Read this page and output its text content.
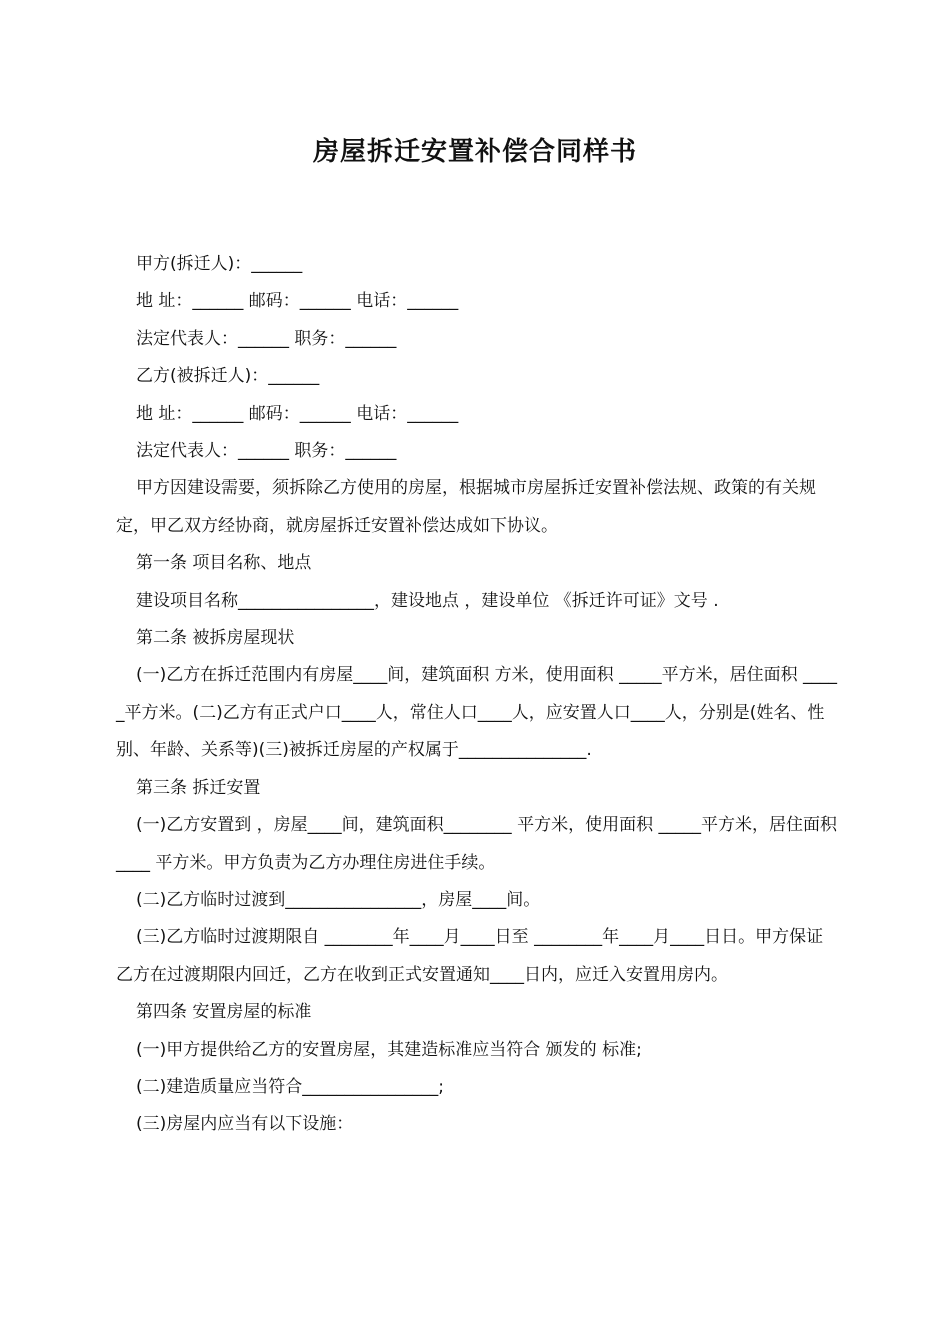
房屋拆迁安置补偿合同样书

甲方(拆迁人)：______

地 址：______ 邮码：______ 电话：______

法定代表人：______ 职务：______

乙方(被拆迁人)：______

地 址：______ 邮码：______ 电话：______

法定代表人：______ 职务：______

甲方因建设需要，须拆除乙方使用的房屋，根据城市房屋拆迁安置补偿法规、政策的有关规定，甲乙双方经协商，就房屋拆迁安置补偿达成如下协议。

第一条 项目名称、地点

建设项目名称________________，建设地点 ，建设单位 《拆迁许可证》文号 .

第二条 被拆房屋现状

(一)乙方在拆迁范围内有房屋____间，建筑面积 方米，使用面积 _____平方米，居住面积 _____平方米。(二)乙方有正式户口____人，常住人口____人，应安置人口____人，分别是(姓名、性别、年龄、关系等)(三)被拆迁房屋的产权属于_______________.

第三条 拆迁安置

(一)乙方安置到 ，房屋____间，建筑面积________ 平方米，使用面积 _____平方米，居住面积____ 平方米。甲方负责为乙方办理住房进住手续。

(二)乙方临时过渡到________________，房屋____间。

(三)乙方临时过渡期限自 ________年____月____日至 ________年____月____日日。甲方保证乙方在过渡期限内回迁，乙方在收到正式安置通知____日内，应迁入安置用房内。

第四条 安置房屋的标准

(一)甲方提供给乙方的安置房屋，其建造标准应当符合 颁发的 标准;

(二)建造质量应当符合________________;

(三)房屋内应当有以下设施：
